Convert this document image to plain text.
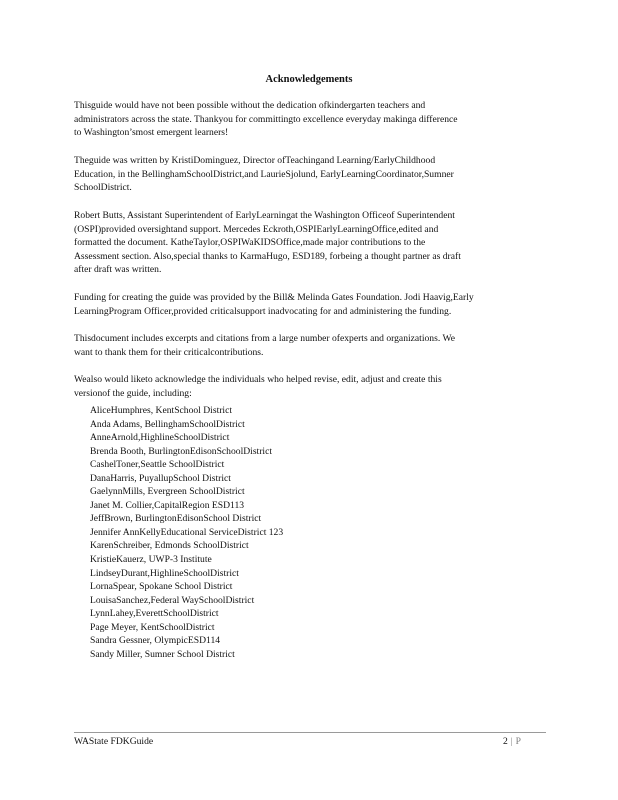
Acknowledgements

Thisguide would have not been possible without the dedication ofkindergarten teachers and
administrators across the state. Thankyou for committingto excellence everyday makinga difference
to Washington’smost emergent learners!

Theguide was written by KristiDominguez, Director ofTeachingand Learning/EarlyChildhood
Education, in the BellinghamSchoolDistrict,and LaurieSjolund, EarlyLearningCoordinator,Sumner
SchoolDistrict.

Robert Butts, Assistant Superintendent of EarlyLearningat the Washington Officeof Superintendent
(OSPI)provided oversightand support. Mercedes Eckroth,OSPIEarlyLearningOffice,edited and
formatted the document. KatheTaylor,OSPIWaKIDSOffice,made major contributions to the
Assessment section. Also,special thanks to KarmaHugo, ESD189, forbeing a thought partner as draft
after draft was written.

Funding for creating the guide was provided by the Bill& Melinda Gates Foundation. Jodi Haavig,Early
LearningProgram Officer,provided criticalsupport inadvocating for and administering the funding.

Thisdocument includes excerpts and citations from a large number ofexperts and organizations. We
want to thank them for their criticalcontributions.

Wealso would liketo acknowledge the individuals who helped revise, edit, adjust and create this
versionof the guide, including:

AliceHumphres, KentSchool District
Anda Adams, BellinghamSchoolDistrict
AnneArnold,HighlineSchoolDistrict
Brenda Booth, BurlingtonEdisonSchoolDistrict
CashelToner,Seattle SchoolDistrict
DanaHarris, PuyallupSchool District
GaelynnMills, Evergreen SchoolDistrict
Janet M. Collier,CapitalRegion ESD113
JeffBrown, BurlingtonEdisonSchool District
Jennifer AnnKellyEducational ServiceDistrict 123
KarenSchreiber, Edmonds SchoolDistrict
KristieKauerz, UWP-3 Institute
LindseyDurant,HighlineSchoolDistrict
LornaSpear, Spokane School District
LouisaSanchez,Federal WaySchoolDistrict
LynnLahey,EverettSchoolDistrict
Page Meyer, KentSchoolDistrict
Sandra Gessner, OlympicESD114
Sandy Miller, Sumner School District
WAState FDKGuide	2 | P
